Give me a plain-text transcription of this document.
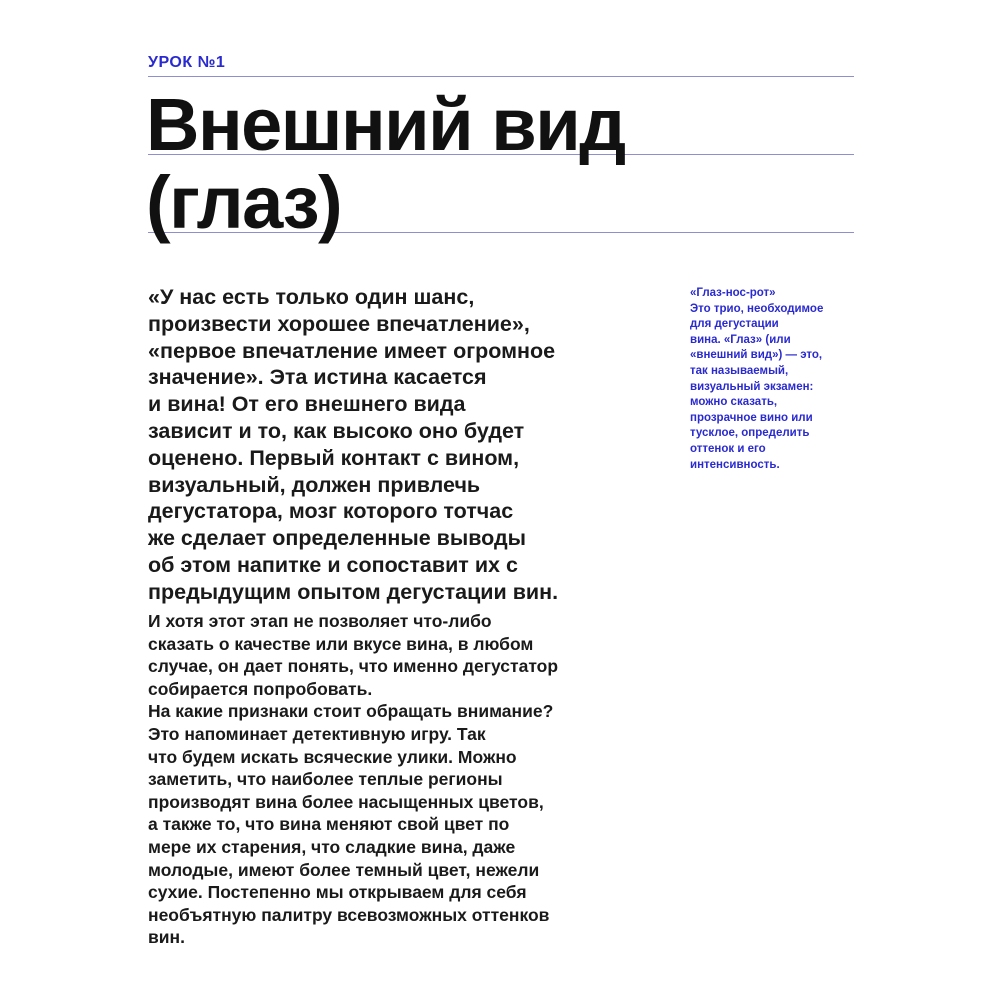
УРОК №1
Внешний вид
(глаз)
«У нас есть только один шанс,
произвести хорошее впечатление»,
«первое впечатление имеет огромное
значение». Эта истина касается
и вина! От его внешнего вида
зависит и то, как высоко оно будет
оценено. Первый контакт с вином,
визуальный, должен привлечь
дегустатора, мозг которого тотчас
же сделает определенные выводы
об этом напитке и сопоставит их с
предыдущим опытом дегустации вин.
И хотя этот этап не позволяет что-либо
сказать о качестве или вкусе вина, в любом
случае, он дает понять, что именно дегустатор
собирается попробовать.
На какие признаки стоит обращать внимание?
Это напоминает детективную игру. Так
что будем искать всяческие улики. Можно
заметить, что наиболее теплые регионы
производят вина более насыщенных цветов,
а также то, что вина меняют свой цвет по
мере их старения, что сладкие вина, даже
молодые, имеют более темный цвет, нежели
сухие. Постепенно мы открываем для себя
необъятную палитру всевозможных оттенков
вин.
«Глаз-нос-рот»
Это трио, необходимое
для дегустации
вина. «Глаз» (или
«внешний вид») — это,
так называемый,
визуальный экзамен:
можно сказать,
прозрачное вино или
тусклое, определить
оттенок и его
интенсивность.
